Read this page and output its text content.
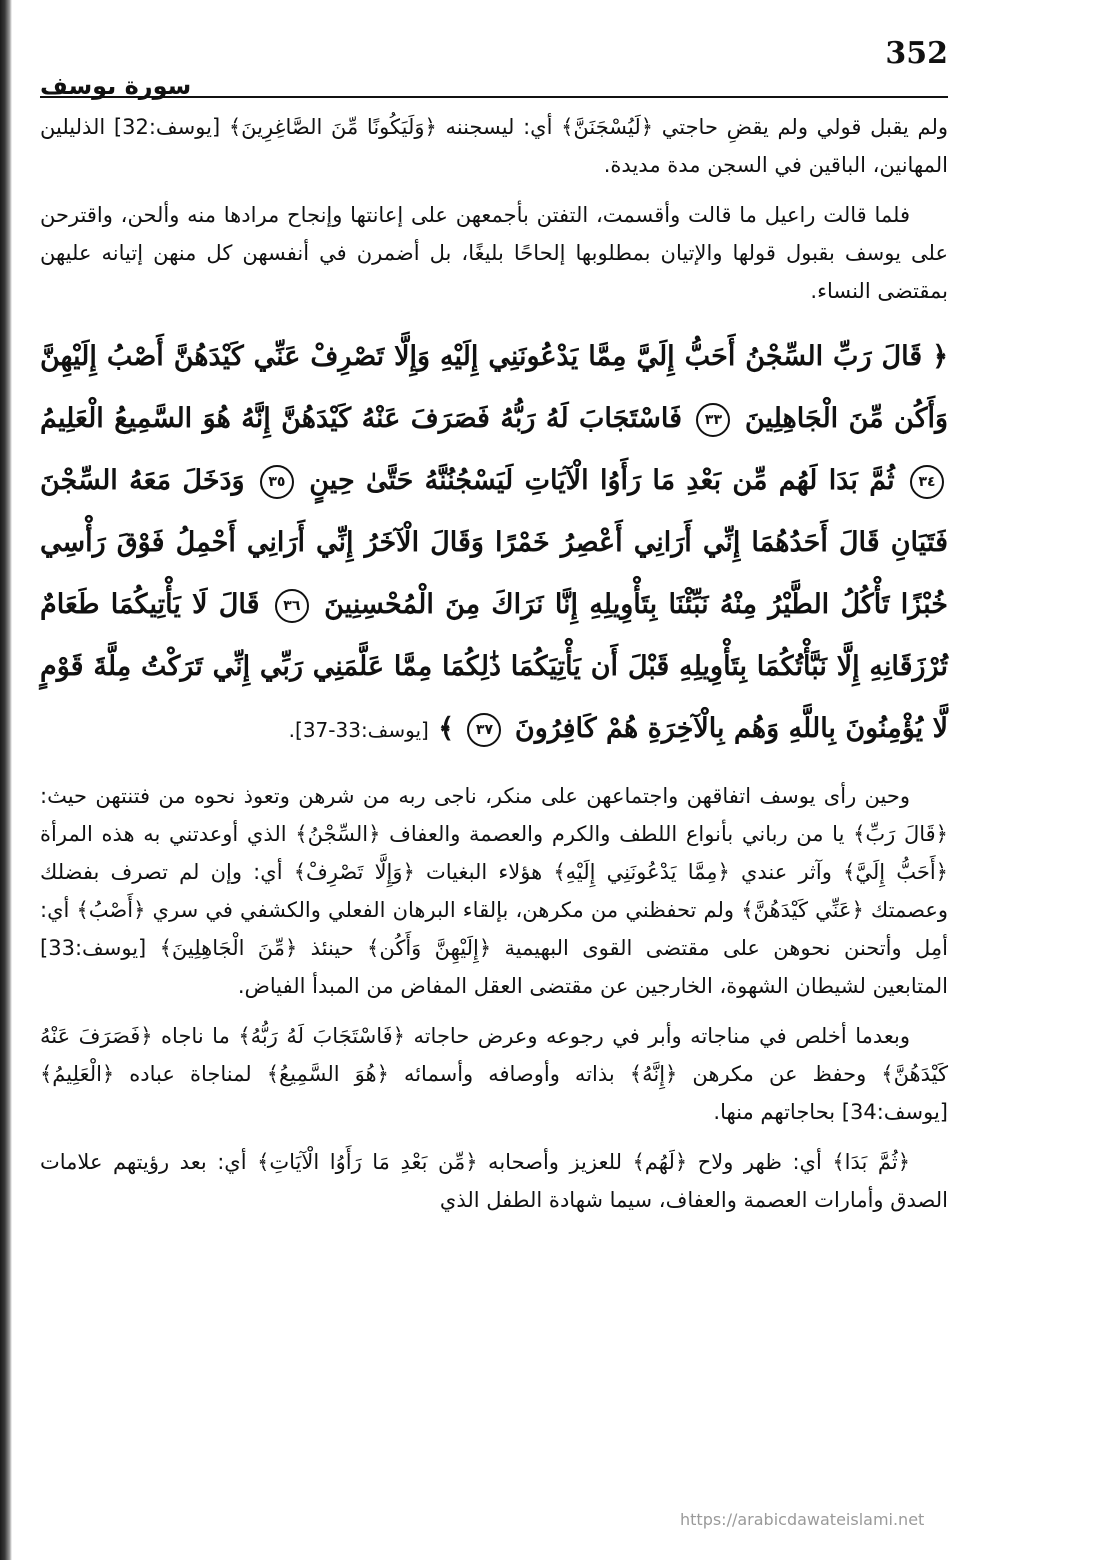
352
سورة يوسف

ولم يقبل قولي ولم يقضِ حاجتي ﴿لَيُسْجَنَنَّ﴾ أي: ليسجننه ﴿وَلَيَكُونًا مِّنَ الصَّاغِرِينَ﴾ [يوسف:32] الذليلين المهانين، الباقين في السجن مدة مديدة.

فلما قالت راعيل ما قالت وأقسمت، التفتن بأجمعهن على إعانتها وإنجاح مرادها منه وألحن، واقترحن على يوسف بقبول قولها والإتيان بمطلوبها إلحاحًا بليغًا، بل أضمرن في أنفسهن كل منهن إتيانه عليهن بمقتضى النساء.

﴿ قَالَ رَبِّ السِّجْنُ أَحَبُّ إِلَيَّ مِمَّا يَدْعُونَنِي إِلَيْهِ وَإِلَّا تَصْرِفْ عَنِّي كَيْدَهُنَّ أَصْبُ إِلَيْهِنَّ وَأَكُن مِّنَ الْجَاهِلِينَ ٣٣ فَاسْتَجَابَ لَهُ رَبُّهُ فَصَرَفَ عَنْهُ كَيْدَهُنَّ إِنَّهُ هُوَ السَّمِيعُ الْعَلِيمُ ٣٤ ثُمَّ بَدَا لَهُم مِّن بَعْدِ مَا رَأَوُا الْآيَاتِ لَيَسْجُنُنَّهُ حَتَّىٰ حِينٍ ٣٥ وَدَخَلَ مَعَهُ السِّجْنَ فَتَيَانِ قَالَ أَحَدُهُمَا إِنِّي أَرَانِي أَعْصِرُ خَمْرًا وَقَالَ الْآخَرُ إِنِّي أَرَانِي أَحْمِلُ فَوْقَ رَأْسِي خُبْزًا تَأْكُلُ الطَّيْرُ مِنْهُ نَبِّئْنَا بِتَأْوِيلِهِ إِنَّا نَرَاكَ مِنَ الْمُحْسِنِينَ ٣٦ قَالَ لَا يَأْتِيكُمَا طَعَامٌ تُرْزَقَانِهِ إِلَّا نَبَّأْتُكُمَا بِتَأْوِيلِهِ قَبْلَ أَن يَأْتِيَكُمَا ذَٰلِكُمَا مِمَّا عَلَّمَنِي رَبِّي إِنِّي تَرَكْتُ مِلَّةَ قَوْمٍ لَّا يُؤْمِنُونَ بِاللَّهِ وَهُم بِالْآخِرَةِ هُمْ كَافِرُونَ ٣٧ ﴾ [يوسف:33-37].

وحين رأى يوسف اتفاقهن واجتماعهن على منكر، ناجى ربه من شرهن وتعوذ نحوه من فتنتهن حيث: ﴿قَالَ رَبِّ﴾ يا من رباني بأنواع اللطف والكرم والعصمة والعفاف ﴿السِّجْنُ﴾ الذي أوعدتني به هذه المرأة ﴿أَحَبُّ إِلَيَّ﴾ وآثر عندي ﴿مِمَّا يَدْعُونَنِي إِلَيْهِ﴾ هؤلاء البغيات ﴿وَإِلَّا تَصْرِفْ﴾ أي: وإن لم تصرف بفضلك وعصمتك ﴿عَنِّي كَيْدَهُنَّ﴾ ولم تحفظني من مكرهن، بإلقاء البرهان الفعلي والكشفي في سري ﴿أَصْبُ﴾ أي: أمِل وأتحنن نحوهن على مقتضى القوى البهيمية ﴿إِلَيْهِنَّ وَأَكُن﴾ حينئذ ﴿مِّنَ الْجَاهِلِينَ﴾ [يوسف:33] المتابعين لشيطان الشهوة، الخارجين عن مقتضى العقل المفاض من المبدأ الفياض.

وبعدما أخلص في مناجاته وأبر في رجوعه وعرض حاجاته ﴿فَاسْتَجَابَ لَهُ رَبُّهُ﴾ ما ناجاه ﴿فَصَرَفَ عَنْهُ كَيْدَهُنَّ﴾ وحفظ عن مكرهن ﴿إِنَّهُ﴾ بذاته وأوصافه وأسمائه ﴿هُوَ السَّمِيعُ﴾ لمناجاة عباده ﴿الْعَلِيمُ﴾ [يوسف:34] بحاجاتهم منها.

﴿ثُمَّ بَدَا﴾ أي: ظهر ولاح ﴿لَهُم﴾ للعزيز وأصحابه ﴿مِّن بَعْدِ مَا رَأَوُا الْآيَاتِ﴾ أي: بعد رؤيتهم علامات الصدق وأمارات العصمة والعفاف، سيما شهادة الطفل الذي

https://arabicdawateislami.net
